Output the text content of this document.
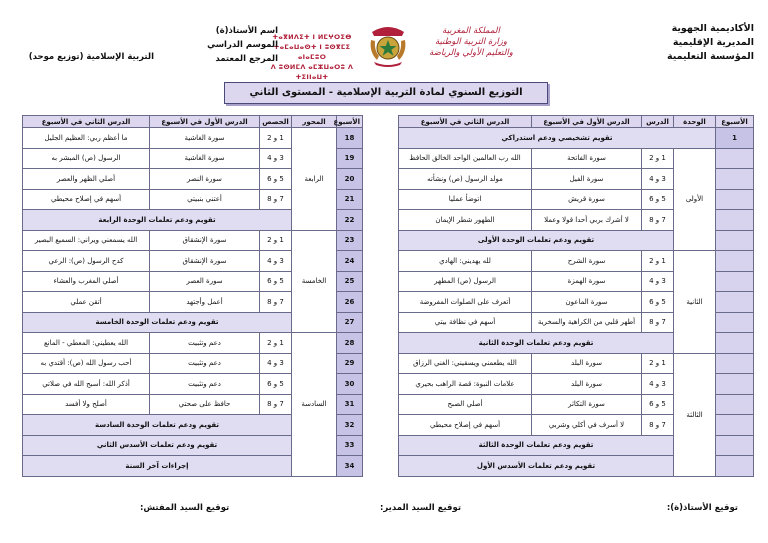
الأكاديمية الجهوية
المديرية الإقليمية
المؤسسة التعليمية
المملكة المغربية
وزارة التربية الوطنية
والتعليم الأولي والرياضة
ⵜⴰⴳⵍⴷⵉⵜ ⵏ ⵍⵎⵖⵔⵉⴱ
ⵜⴰⵎⴰⵡⴰⵙⵜ ⵏ ⵓⵙⴳⵎⵉ ⴰⵏⴰⵎⵓⵔ
ⴷ ⵓⵙⵍⵎⴷ ⴰⵎⵣⵡⴰⵔⵓ ⴷ ⵜⵉⵏⵏⴰⵡⵜ
اسم الأستاذ(ة)
الموسم الدراسي
المرجع المعتمد
التربية الإسلامية (توزيع موحد)
التوزيع السنوي لمادة التربية الإسلامية - المستوى الثاني
الأسبوع	الوحدة	الدرس	الدرس الأول في الأسبوع	الدرس الثاني في الأسبوع
1	تقويم تشخيصي ودعم استدراكي			
	الأولى	1 و 2	سورة الفاتحة	الله رب العالمين الواحد الخالق الحافظ
		3 و 4	سورة الفيل	مولد الرسول (ص) ونشأته
		5 و 6	سورة قريش	اتوضأ عمليا
		7 و 8	لا أشرك بربي أحدا قولا وعملا	الطهور شطر الإيمان
		تقويم ودعم تعلمات الوحدة الأولى		
	الثانية	1 و 2	سورة الشرح	لله يهديني: الهادي
		3 و 4	سورة الهمزة	الرسول (ص) المطهر
		5 و 6	سورة الماعون	أتعرف على الصلوات المفروضة
		7 و 8	أطهر قلبي من الكراهية والسخرية	أسهم في نظافة بيتي
		تقويم ودعم تعلمات الوحدة الثانية		
	الثالثة	1 و 2	سورة البلد	الله يطعمني ويسقيني: الغني الرزاق
		3 و 4	سورة البلد	علامات النبوة: قصة الراهب بحيري
		5 و 6	سورة التكاثر	أصلي الصبح
		7 و 8	لا أسرف في أكلي وشربي	أسهم في إصلاح محيطي
		تقويم ودعم تعلمات الوحدة الثالثة		
		تقويم ودعم تعلمات الأسدس الأول		
الأسبوع	المحور	الحصص	الدرس الأول في الأسبوع	الدرس الثاني في الأسبوع
18	الرابعة	1 و 2	سورة الغاشية	ما أعظم ربي: العظيم الجليل
19		3 و 4	سورة الغاشية	الرسول (ص) المبشر به
20		5 و 6	سورة النصر	أصلي الظهر والعصر
21		7 و 8	أعتني بنبيتي	أسهم في إصلاح محيطي
22		تقويم ودعم تعلمات الوحدة الرابعة		
23	الخامسة	1 و 2	سورة الإنشقاق	الله يسمعني ويراني: السميع البصير
24		3 و 4	سورة الإنشقاق	كدح الرسول (ص): الرعي
25		5 و 6	سورة العصر	أصلي المغرب والعشاء
26		7 و 8	أعمل وأجتهد	أتقن عملي
27		تقويم ودعم تعلمات الوحدة الخامسة		
28	السادسة	1 و 2	دعم وتثبيت	الله يعطيني: المعطي - المانع
29		3 و 4	دعم وتثبيت	أحب رسول الله (ص): أقتدي به
30		5 و 6	دعم وتثبيت	أذكر الله: أسبح الله في صلاتي
31		7 و 8	حافظ على صحتي	أصلح ولا أفسد
32		تقويم ودعم تعلمات الوحدة السادسة		
33		تقويم ودعم تعلمات الأسدس الثاني		
34		إجراءات آخر السنة		
توقيع الأستاذ(ة):
توقيع السيد المدير:
توقيع السيد المفتش:
